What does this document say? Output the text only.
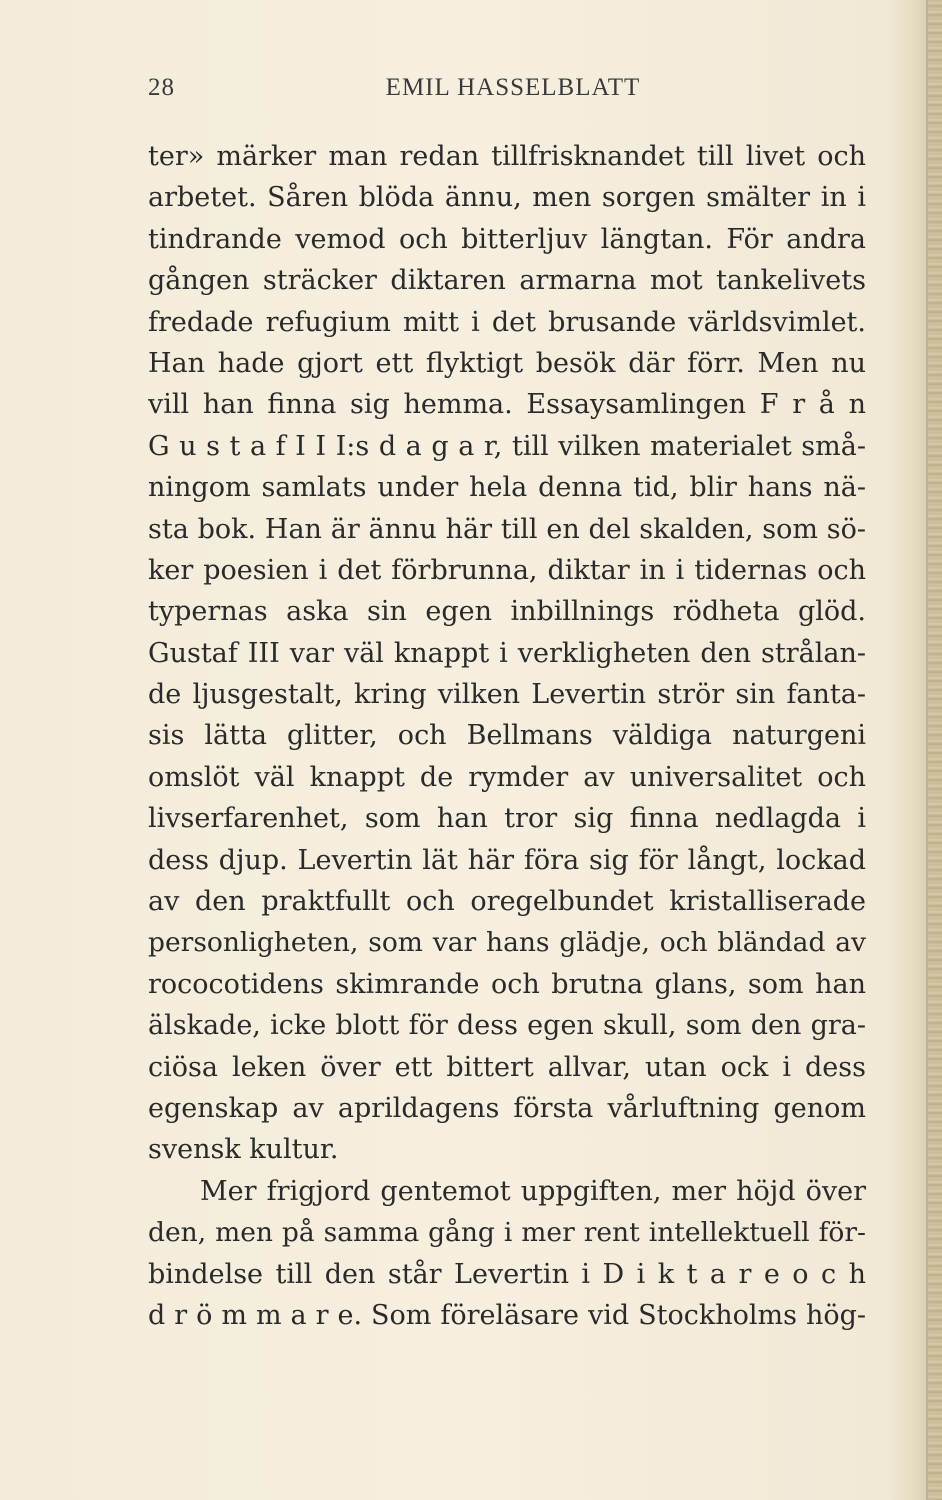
28	EMIL HASSELBLATT
ter» märker man redan tillfrisknandet till livet och
arbetet. Såren blöda ännu, men sorgen smälter in i
tindrande vemod och bitterljuv längtan. För andra
gången sträcker diktaren armarna mot tankelivets
fredade refugium mitt i det brusande världsvimlet.
Han hade gjort ett flyktigt besök där förr. Men nu
vill han finna sig hemma. Essaysamlingen F r å n
G u s t a f I I I:s d a g a r, till vilken materialet små-
ningom samlats under hela denna tid, blir hans nä-
sta bok. Han är ännu här till en del skalden, som sö-
ker poesien i det förbrunna, diktar in i tidernas och
typernas aska sin egen inbillnings rödheta glöd.
Gustaf III var väl knappt i verkligheten den strålan-
de ljusgestalt, kring vilken Levertin strör sin fanta-
sis lätta glitter, och Bellmans väldiga naturgeni
omslöt väl knappt de rymder av universalitet och
livserfarenhet, som han tror sig finna nedlagda i
dess djup. Levertin lät här föra sig för långt, lockad
av den praktfullt och oregelbundet kristalliserade
personligheten, som var hans glädje, och bländad av
rococotidens skimrande och brutna glans, som han
älskade, icke blott för dess egen skull, som den gra-
ciösa leken över ett bittert allvar, utan ock i dess
egenskap av aprildagens första vårluftning genom
svensk kultur.
Mer frigjord gentemot uppgiften, mer höjd över
den, men på samma gång i mer rent intellektuell för-
bindelse till den står Levertin i D i k t a r e o c h
d r ö m m a r e. Som föreläsare vid Stockholms hög-
